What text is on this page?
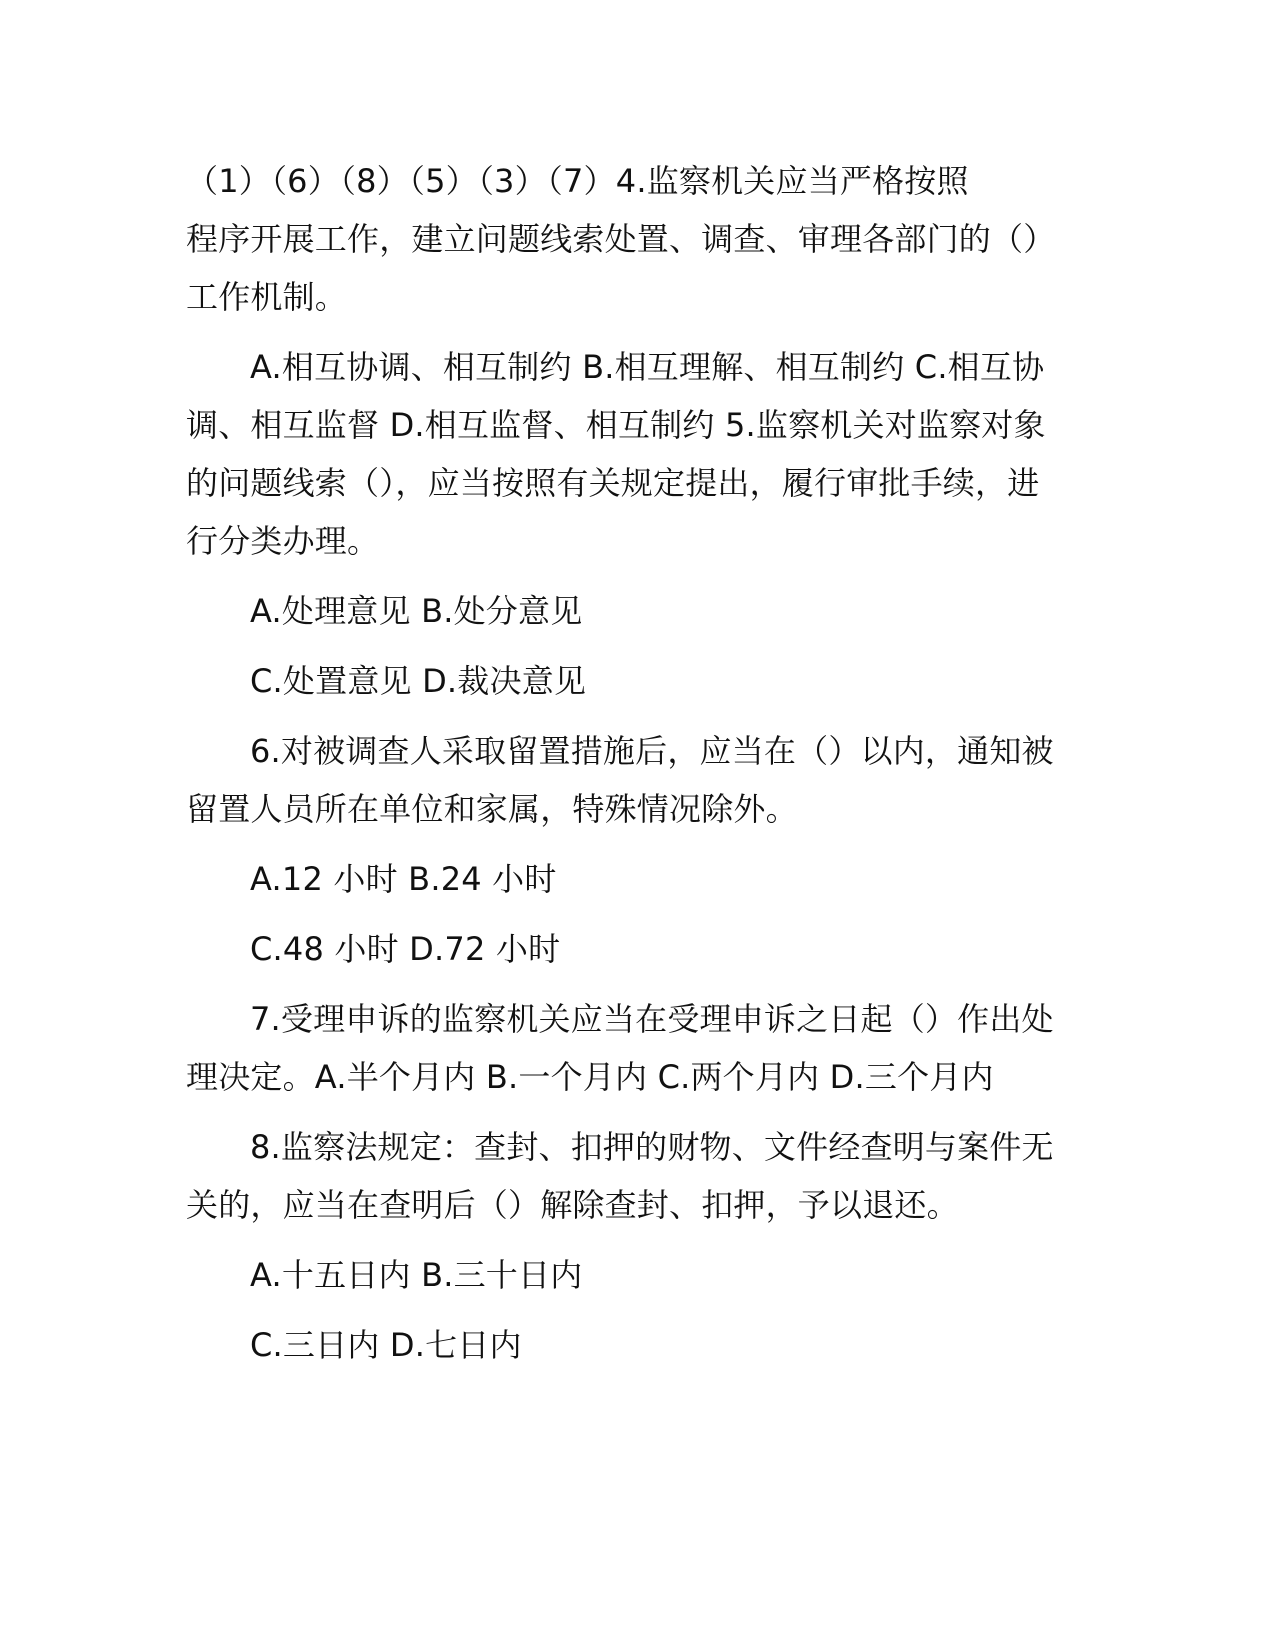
（1）（6）（8）（5）（3）（7）4.监察机关应当严格按照
程序开展工作，建立问题线索处置、调查、审理各部门的（）
工作机制。

A.相互协调、相互制约 B.相互理解、相互制约 C.相互协
调、相互监督 D.相互监督、相互制约 5.监察机关对监察对象
的问题线索（），应当按照有关规定提出，履行审批手续，进
行分类办理。

A.处理意见 B.处分意见

C.处置意见 D.裁决意见

6.对被调查人采取留置措施后，应当在（）以内，通知被
留置人员所在单位和家属，特殊情况除外。

A.12 小时 B.24 小时

C.48 小时 D.72 小时

7.受理申诉的监察机关应当在受理申诉之日起（）作出处
理决定。A.半个月内 B.一个月内 C.两个月内 D.三个月内

8.监察法规定：查封、扣押的财物、文件经查明与案件无
关的，应当在查明后（）解除查封、扣押，予以退还。

A.十五日内 B.三十日内

C.三日内 D.七日内
